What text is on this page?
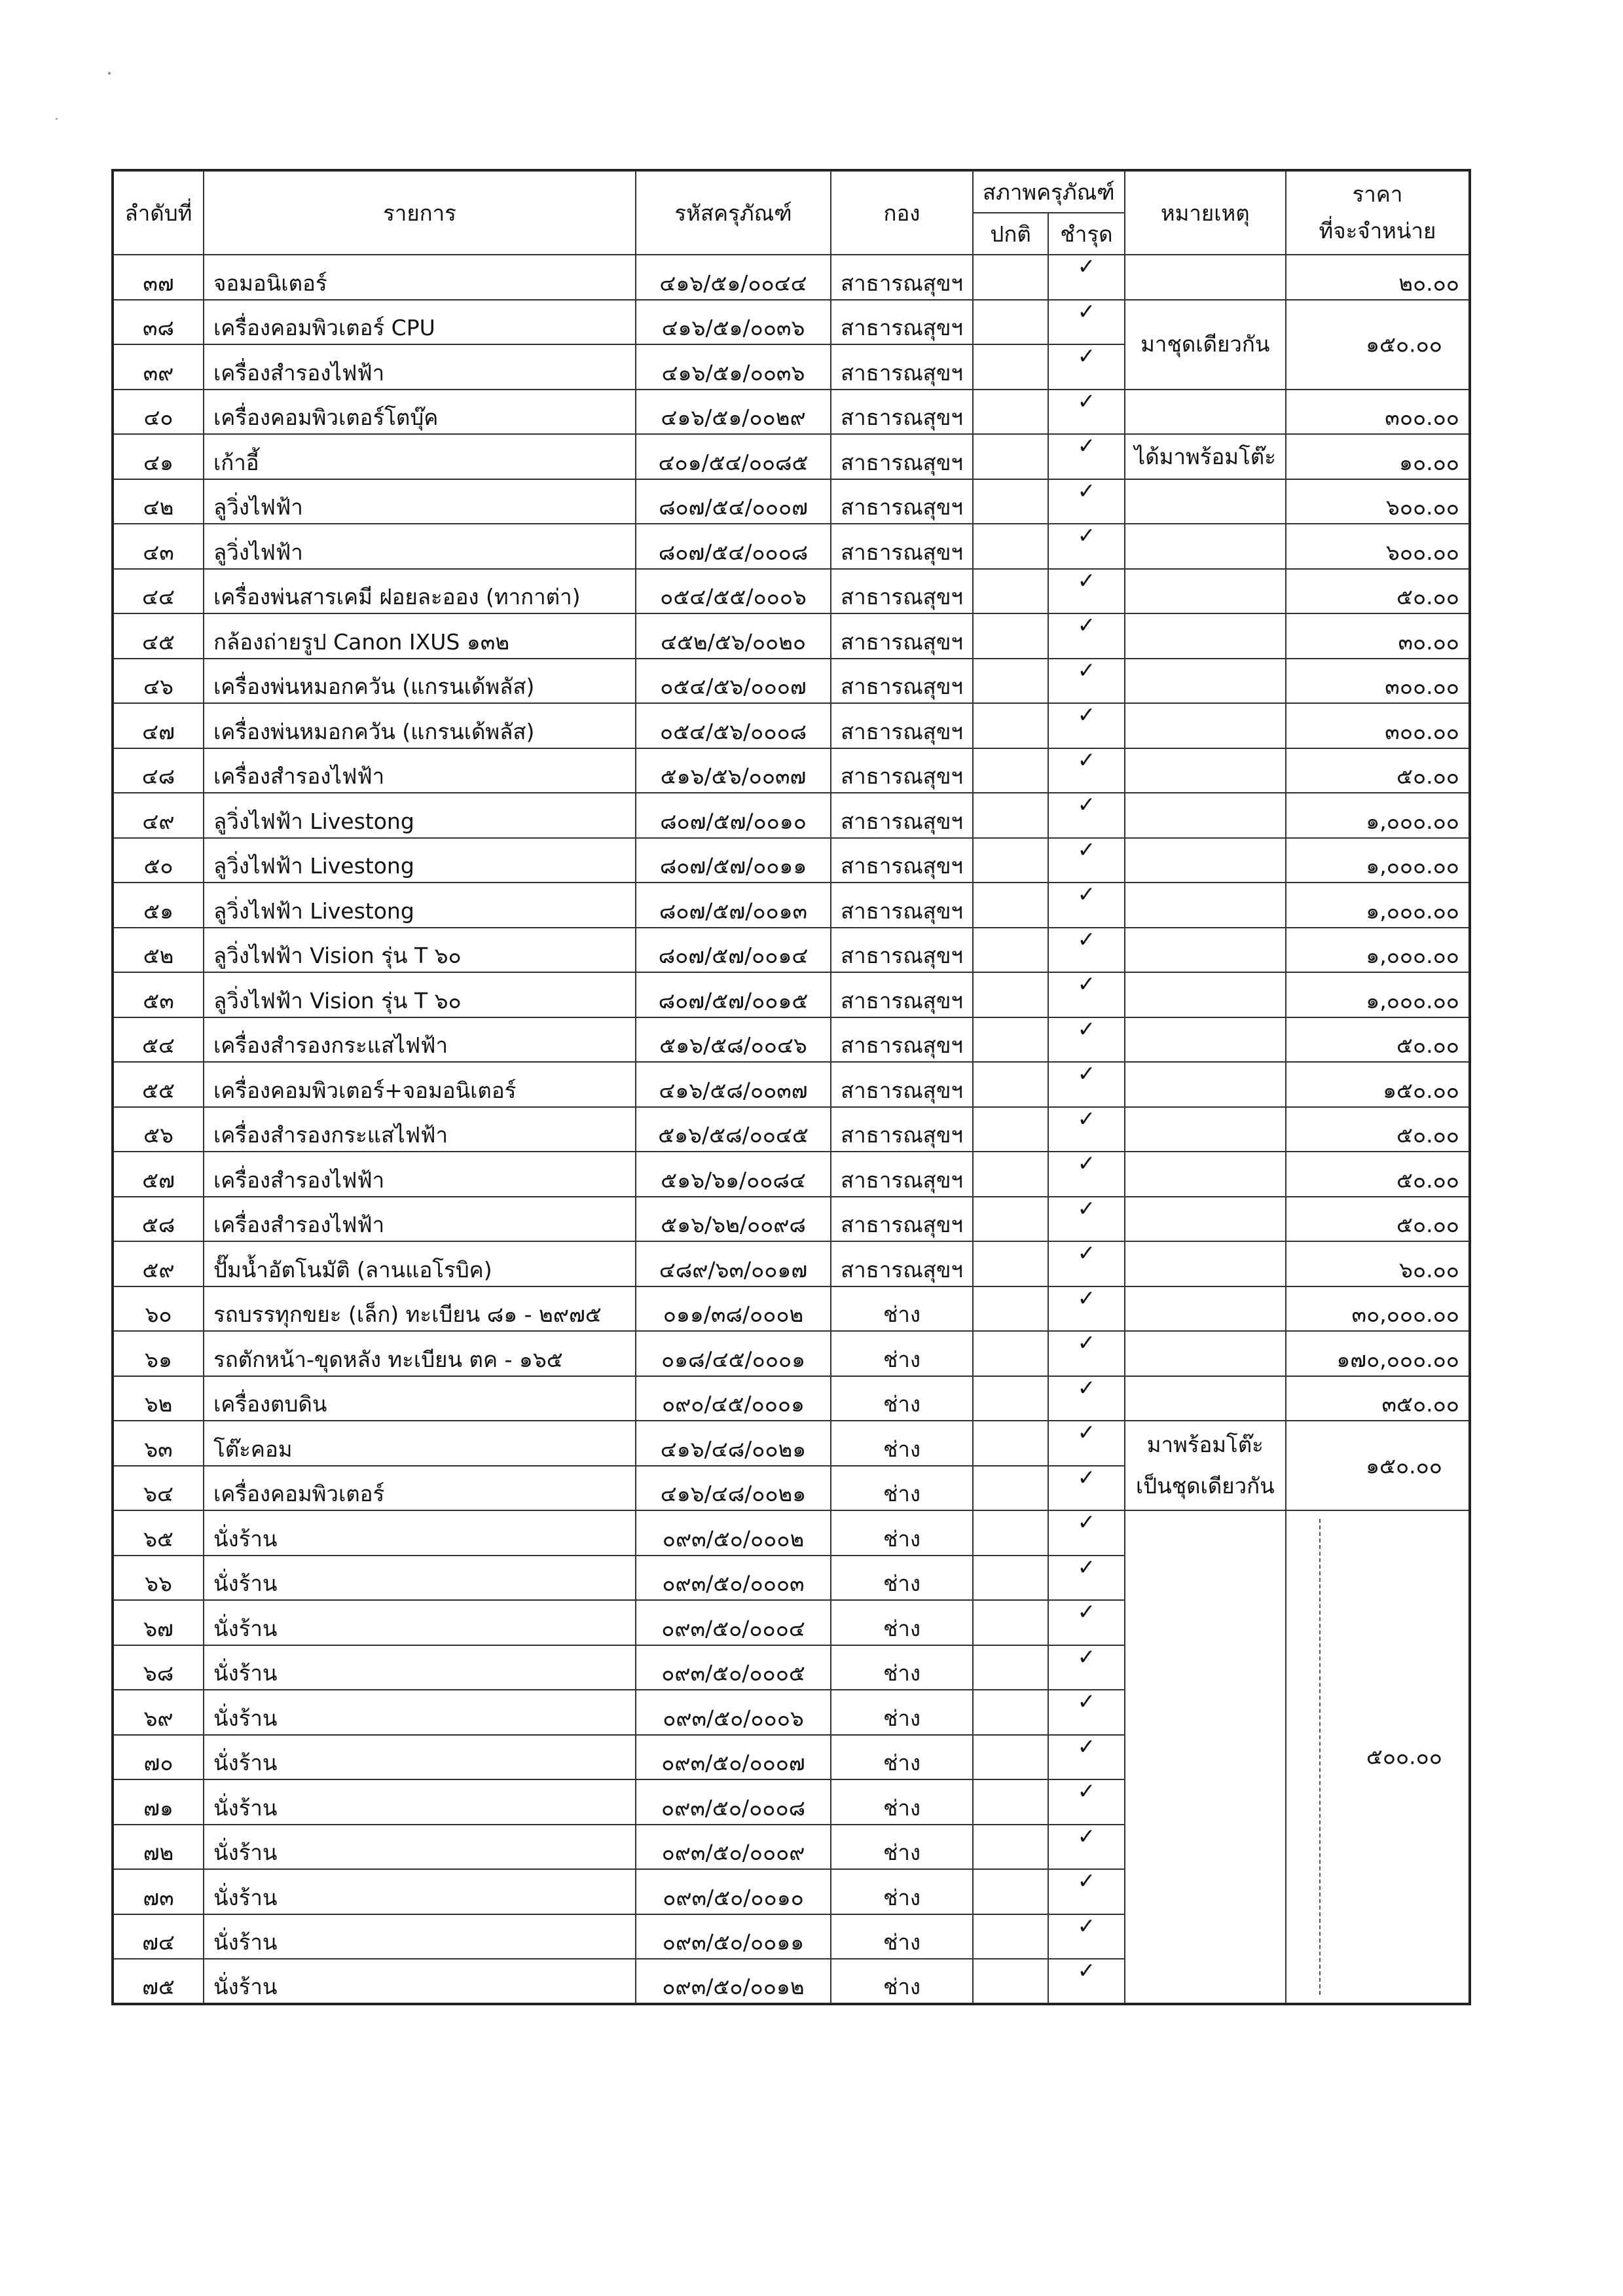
ลำดับที่	รายการ	รหัสครุภัณฑ์	กอง	สภาพครุภัณฑ์		หมายเหตุ	ราคา
ที่จะจำหน่าย
				ปกติ	ชำรุด		
๓๗	จอมอนิเตอร์	๔๑๖/๕๑/๐๐๔๔	สาธารณสุขฯ		✓		๒๐.๐๐
๓๘	เครื่องคอมพิวเตอร์ CPU	๔๑๖/๕๑/๐๐๓๖	สาธารณสุขฯ		✓	มาชุดเดียวกัน	๑๕๐.๐๐

๓๙	เครื่องสำรองไฟฟ้า	๔๑๖/๕๑/๐๐๓๖	สาธารณสุขฯ		✓		
๔๐	เครื่องคอมพิวเตอร์โตบุ๊ค	๔๑๖/๕๑/๐๐๒๙	สาธารณสุขฯ		✓		๓๐๐.๐๐
๔๑	เก้าอี้	๔๐๑/๕๔/๐๐๘๕	สาธารณสุขฯ		✓	ได้มาพร้อมโต๊ะ	๑๐.๐๐
๔๒	ลูวิ่งไฟฟ้า	๘๐๗/๕๔/๐๐๐๗	สาธารณสุขฯ		✓		๖๐๐.๐๐
๔๓	ลูวิ่งไฟฟ้า	๘๐๗/๕๔/๐๐๐๘	สาธารณสุขฯ		✓		๖๐๐.๐๐
๔๔	เครื่องพ่นสารเคมี ฝอยละออง (ทากาต่า)	๐๕๔/๕๕/๐๐๐๖	สาธารณสุขฯ		✓		๕๐.๐๐
๔๕	กล้องถ่ายรูป Canon IXUS ๑๓๒	๔๕๒/๕๖/๐๐๒๐	สาธารณสุขฯ		✓		๓๐.๐๐
๔๖	เครื่องพ่นหมอกควัน (แกรนเด้พลัส)	๐๕๔/๕๖/๐๐๐๗	สาธารณสุขฯ		✓		๓๐๐.๐๐
๔๗	เครื่องพ่นหมอกควัน (แกรนเด้พลัส)	๐๕๔/๕๖/๐๐๐๘	สาธารณสุขฯ		✓		๓๐๐.๐๐
๔๘	เครื่องสำรองไฟฟ้า	๕๑๖/๕๖/๐๐๓๗	สาธารณสุขฯ		✓		๕๐.๐๐
๔๙	ลูวิ่งไฟฟ้า Livestong	๘๐๗/๕๗/๐๐๑๐	สาธารณสุขฯ		✓		๑,๐๐๐.๐๐
๕๐	ลูวิ่งไฟฟ้า Livestong	๘๐๗/๕๗/๐๐๑๑	สาธารณสุขฯ		✓		๑,๐๐๐.๐๐
๕๑	ลูวิ่งไฟฟ้า Livestong	๘๐๗/๕๗/๐๐๑๓	สาธารณสุขฯ		✓		๑,๐๐๐.๐๐
๕๒	ลูวิ่งไฟฟ้า Vision รุ่น T ๖๐	๘๐๗/๕๗/๐๐๑๔	สาธารณสุขฯ		✓		๑,๐๐๐.๐๐
๕๓	ลูวิ่งไฟฟ้า Vision รุ่น T ๖๐	๘๐๗/๕๗/๐๐๑๕	สาธารณสุขฯ		✓		๑,๐๐๐.๐๐
๕๔	เครื่องสำรองกระแสไฟฟ้า	๕๑๖/๕๘/๐๐๔๖	สาธารณสุขฯ		✓		๕๐.๐๐
๕๕	เครื่องคอมพิวเตอร์+จอมอนิเตอร์	๔๑๖/๕๘/๐๐๓๗	สาธารณสุขฯ		✓		๑๕๐.๐๐
๕๖	เครื่องสำรองกระแสไฟฟ้า	๕๑๖/๕๘/๐๐๔๕	สาธารณสุขฯ		✓		๕๐.๐๐
๕๗	เครื่องสำรองไฟฟ้า	๕๑๖/๖๑/๐๐๘๔	สาธารณสุขฯ		✓		๕๐.๐๐
๕๘	เครื่องสำรองไฟฟ้า	๕๑๖/๖๒/๐๐๙๘	สาธารณสุขฯ		✓		๕๐.๐๐
๕๙	ปั๊มน้ำอัตโนมัติ (ลานแอโรบิค)	๔๘๙/๖๓/๐๐๑๗	สาธารณสุขฯ		✓		๖๐.๐๐
๖๐	รถบรรทุกขยะ (เล็ก) ทะเบียน ๘๑ - ๒๙๗๕	๐๑๑/๓๘/๐๐๐๒	ช่าง		✓		๓๐,๐๐๐.๐๐
๖๑	รถตักหน้า-ขุดหลัง ทะเบียน ตค - ๑๖๕	๐๑๘/๔๕/๐๐๐๑	ช่าง		✓		๑๗๐,๐๐๐.๐๐
๖๒	เครื่องตบดิน	๐๙๐/๔๕/๐๐๐๑	ช่าง		✓		๓๕๐.๐๐
๖๓	โต๊ะคอม	๔๑๖/๔๘/๐๐๒๑	ช่าง		✓	มาพร้อมโต๊ะ เป็นชุดเดียวกัน	๑๕๐.๐๐

๖๔	เครื่องคอมพิวเตอร์	๔๑๖/๔๘/๐๐๒๑	ช่าง		✓		
๖๕	นั่งร้าน	๐๙๓/๕๐/๐๐๐๒	ช่าง		✓		๕๐๐.๐๐

๖๖	นั่งร้าน	๐๙๓/๕๐/๐๐๐๓	ช่าง		✓		
๖๗	นั่งร้าน	๐๙๓/๕๐/๐๐๐๔	ช่าง		✓		
๖๘	นั่งร้าน	๐๙๓/๕๐/๐๐๐๕	ช่าง		✓		
๖๙	นั่งร้าน	๐๙๓/๕๐/๐๐๐๖	ช่าง		✓		
๗๐	นั่งร้าน	๐๙๓/๕๐/๐๐๐๗	ช่าง		✓		
๗๑	นั่งร้าน	๐๙๓/๕๐/๐๐๐๘	ช่าง		✓		
๗๒	นั่งร้าน	๐๙๓/๕๐/๐๐๐๙	ช่าง		✓		
๗๓	นั่งร้าน	๐๙๓/๕๐/๐๐๑๐	ช่าง		✓		
๗๔	นั่งร้าน	๐๙๓/๕๐/๐๐๑๑	ช่าง		✓		
๗๕	นั่งร้าน	๐๙๓/๕๐/๐๐๑๒	ช่าง		✓		
